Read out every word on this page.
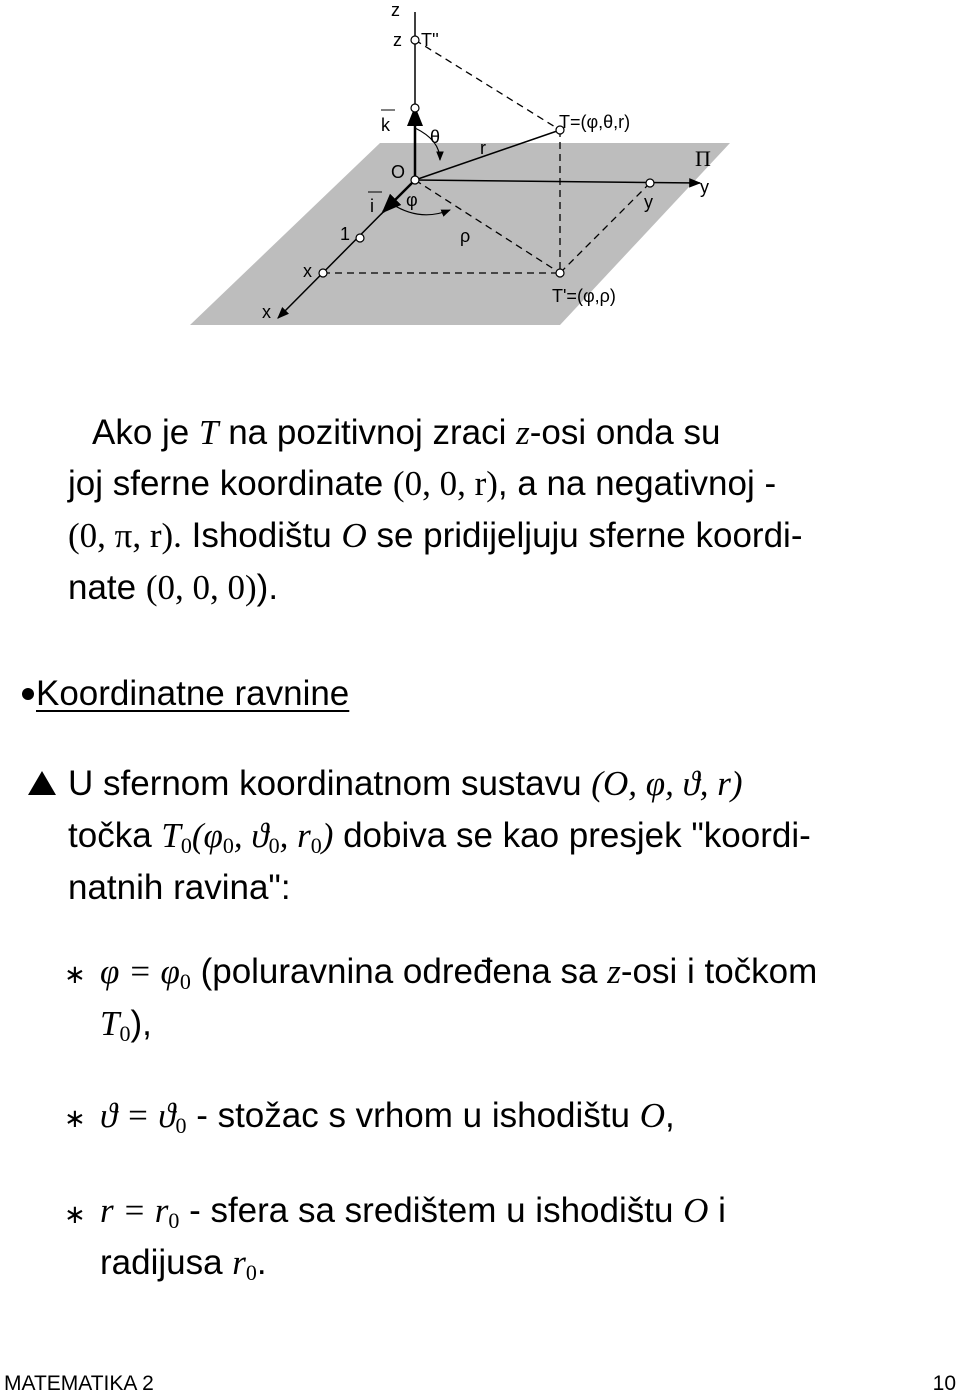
z
z T''
k
θ
r
T=(φ,θ,r)
O
i φ
1	ρ
y
y
Π
x
x
T'=(φ,ρ)
Ako je T na pozitivnoj zraci z-osi onda su
joj sferne koordinate (0, 0, r), a na negativnoj -
(0, π, r). Ishodištu O se pridijeljuju sferne koordi-
nate (0, 0, 0)).
Koordinatne ravnine
U sfernom koordinatnom sustavu (O, φ, ϑ, r)
točka $T_0(\varphi_0$, $ϑ_0$, $r_0$) dobiva se kao presjek "koordi-
natnih ravina":
∗ $\varphi = \varphi_0$ (poluravnina određena sa z-osi i točkom
$T_0$),
∗ $ϑ = ϑ_0$ - stožac s vrhom u ishodištu O,
∗ $r = r_0$ - sfera sa središtem u ishodištu O i
radijusa $r_0$.
MATEMATIKA 2	10
